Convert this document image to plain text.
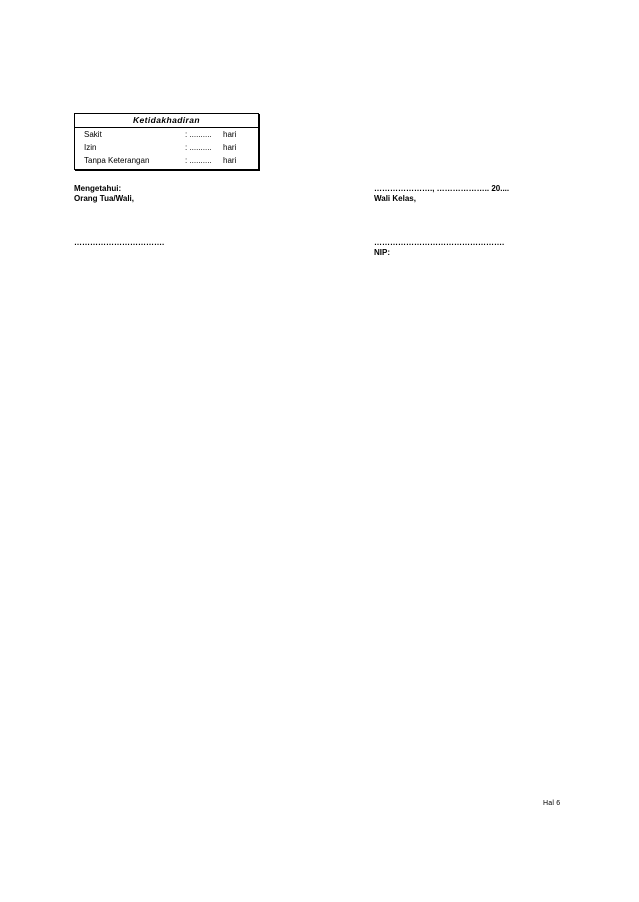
Ketidakhadiran
Sakit	: .......... hari
Izin	: .......... hari
Tanpa Keterangan	: .......... hari
Mengetahui:
Orang Tua/Wali,
…………………………….
…………………., ……………….. 20....
Wali Kelas,
………………………………………….
NIP:
Hal 6
